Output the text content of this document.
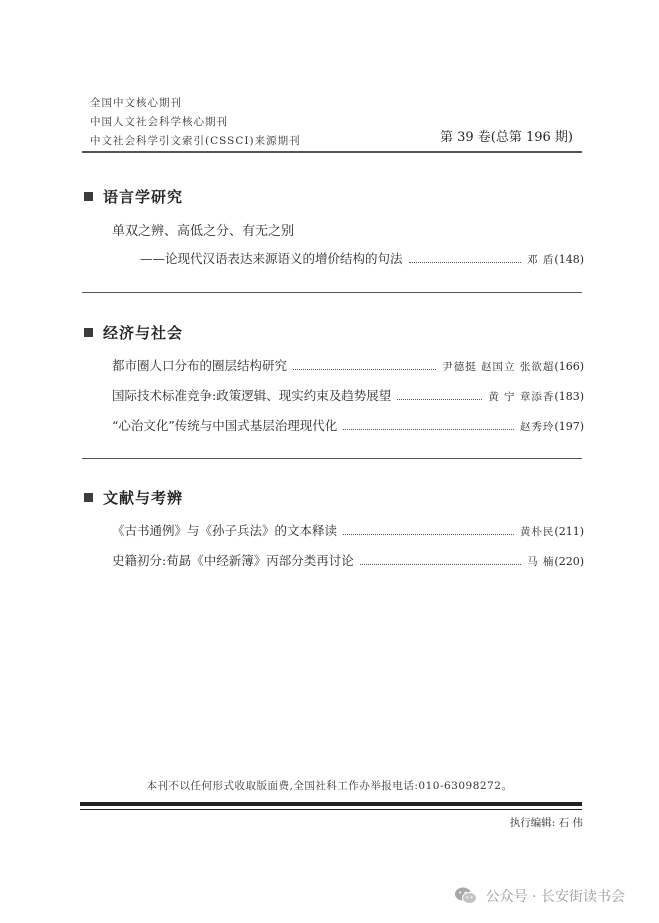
全国中文核心期刊
中国人文社会科学核心期刊
中文社会科学引文索引(CSSCI)来源期刊	第 39 卷(总第 196 期)
语言学研究
单双之辨、高低之分、有无之别
——论现代汉语表达来源语义的增价结构的句法	邓 盾 (148)
经济与社会
都市圈人口分布的圈层结构研究	尹德挺 赵国立 张欲超 (166)
国际技术标准竞争:政策逻辑、现实约束及趋势展望	黄 宁 章添香 (183)
“心治文化”传统与中国式基层治理现代化	赵秀玲 (197)
文献与考辨
《古书通例》与《孙子兵法》的文本释读	黄朴民 (211)
史籍初分:荀勗《中经新簿》丙部分类再讨论	马 楠 (220)
本刊不以任何形式收取版面费,全国社科工作办举报电话:010-63098272。
执行编辑: 石 伟
公众号 · 长安街读书会
